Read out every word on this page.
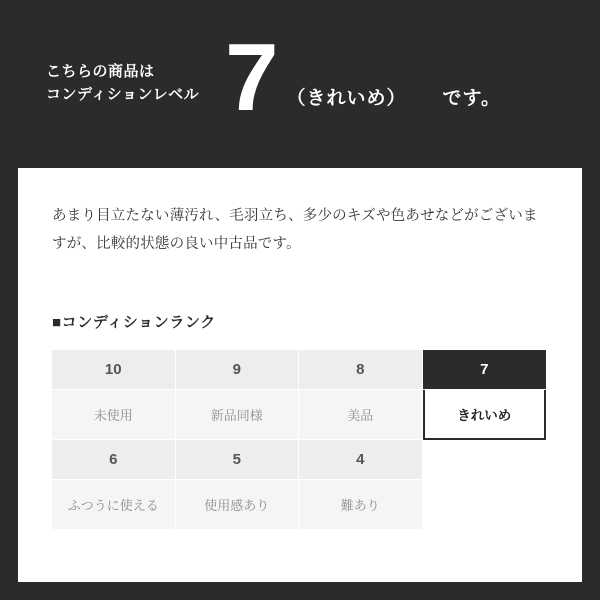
こちらの商品は
コンディションレベル 7 （きれいめ） です。
あまり目立たない薄汚れ、毛羽立ち、多少のキズや色あせなどがございますが、比較的状態の良い中古品です。
■コンディションランク
10	9	8	7
未使用	新品同様	美品	きれいめ
6	5	4	
ふつうに使える	使用感あり	難あり	
